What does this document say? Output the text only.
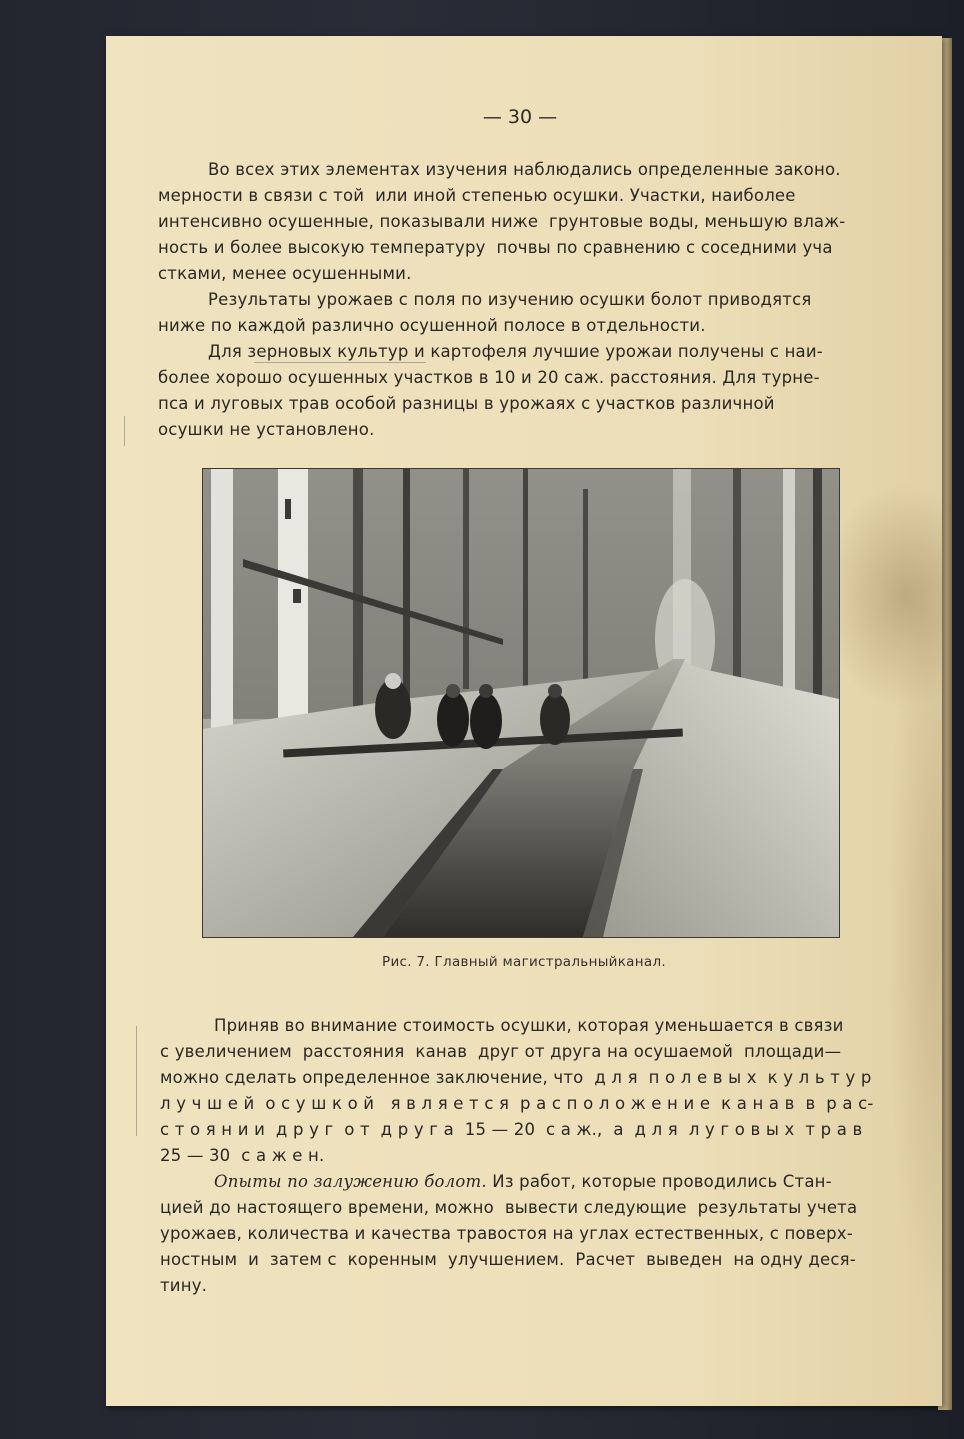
— 30 —
Во всех этих элементах изучения наблюдались определенные законо.
мерности в связи с той  или иной степенью осушки. Участки, наиболее
интенсивно осушенные, показывали ниже  грунтовые воды, меньшую влаж-
ность и более высокую температуру  почвы по сравнению с соседними уча
стками, менее осушенными.
Результаты урожаев с поля по изучению осушки болот приводятся
ниже по каждой различно осушенной полосе в отдельности.
Для зерновых культур и картофеля лучшие урожаи получены с наи-
более хорошо осушенных участков в 10 и 20 саж. расстояния. Для турне-
пса и луговых трав особой разницы в урожаях с участков различной
осушки не установлено.
Рис. 7. Главный магистральныйканал.
Приняв во внимание стоимость осушки, которая уменьшается в связи
с увеличением  расстояния  канав  друг от друга на осушаемой  площади—
можно сделать определенное заключение, что  д л я  п о л е в ы х  к у л ь т у р
л у ч ш е й  о с у ш к о й   я в л я е т с я  р а с п о л о ж е н и е  к а н а в  в  р а с-
с т о я н и и  д р у г  о т  д р у г а  15 — 20  с а ж.,  а  д л я  л у г о в ы х  т р а в
25 — 30  с а ж е н.
Опыты по залужению болот. Из работ, которые проводились Стан-
цией до настоящего времени, можно  вывести следующие  результаты учета
урожаев, количества и качества травостоя на углах естественных, с поверх-
ностным  и  затем с  коренным  улучшением.  Расчет  выведен  на одну деся-
тину.
